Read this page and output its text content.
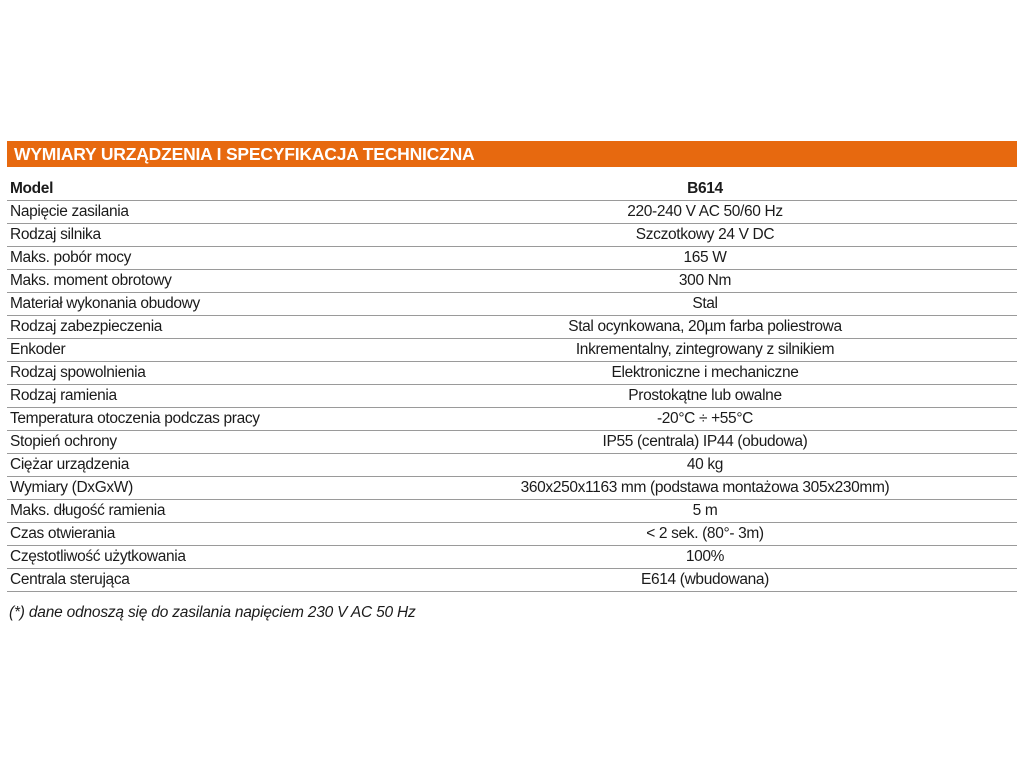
WYMIARY URZĄDZENIA I SPECYFIKACJA TECHNICZNA
Model	B614
Napięcie zasilania	220-240 V AC 50/60 Hz
Rodzaj silnika	Szczotkowy 24 V DC
Maks. pobór mocy	165 W
Maks. moment obrotowy	300 Nm
Materiał wykonania obudowy	Stal
Rodzaj zabezpieczenia	Stal ocynkowana, 20µm farba poliestrowa
Enkoder	Inkrementalny, zintegrowany z silnikiem
Rodzaj spowolnienia	Elektroniczne i mechaniczne
Rodzaj ramienia	Prostokątne lub owalne
Temperatura otoczenia podczas pracy	-20°C ÷ +55°C
Stopień ochrony	IP55 (centrala) IP44 (obudowa)
Ciężar urządzenia	40 kg
Wymiary (DxGxW)	360x250x1163 mm (podstawa montażowa 305x230mm)
Maks. długość ramienia	5 m
Czas otwierania	< 2 sek. (80°- 3m)
Częstotliwość użytkowania	100%
Centrala sterująca	E614 (wbudowana)
(*) dane odnoszą się do zasilania napięciem 230 V AC 50 Hz
